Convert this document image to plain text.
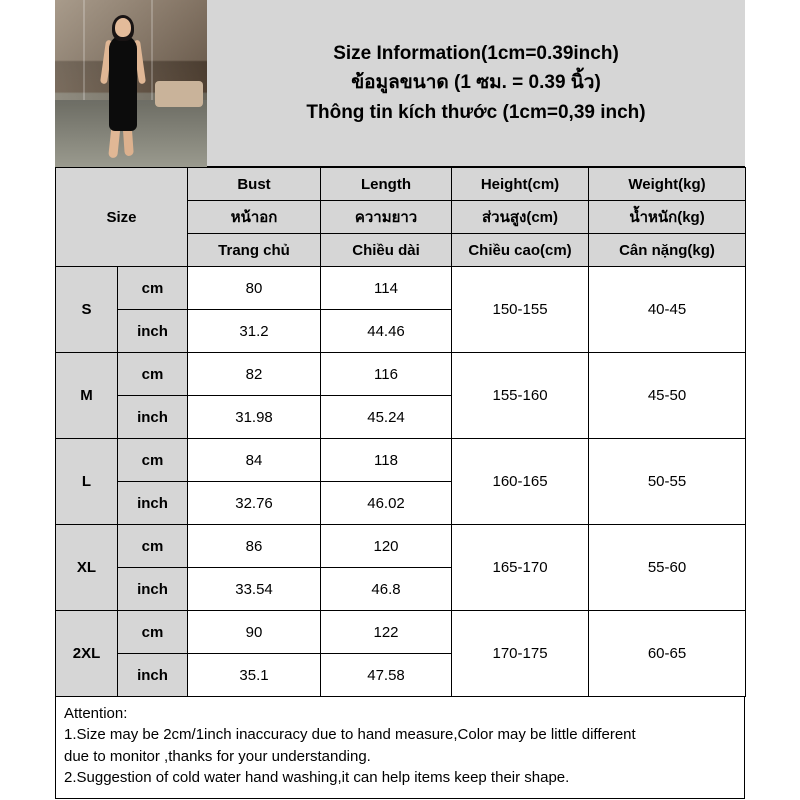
Size Information(1cm=0.39inch)
ข้อมูลขนาด (1 ซม. = 0.39 นิ้ว)
Thông tin kích thước (1cm=0,39 inch)
Size		Bust	Length	Height(cm)	Weight(kg)
		หน้าอก	ความยาว	ส่วนสูง(cm)	น้ำหนัก(kg)
		Trang chủ	Chiều dài	Chiều cao(cm)	Cân nặng(kg)
S	cm	80	114	150-155	40-45
	inch	31.2	44.46		
M	cm	82	116	155-160	45-50
	inch	31.98	45.24		
L	cm	84	118	160-165	50-55
	inch	32.76	46.02		
XL	cm	86	120	165-170	55-60
	inch	33.54	46.8		
2XL	cm	90	122	170-175	60-65
	inch	35.1	47.58		

Attention:

1.Size may be 2cm/1inch inaccuracy due to hand measure,Color may be little different

due to monitor ,thanks for your understanding.

2.Suggestion of cold water hand washing,it can help items keep their shape.
